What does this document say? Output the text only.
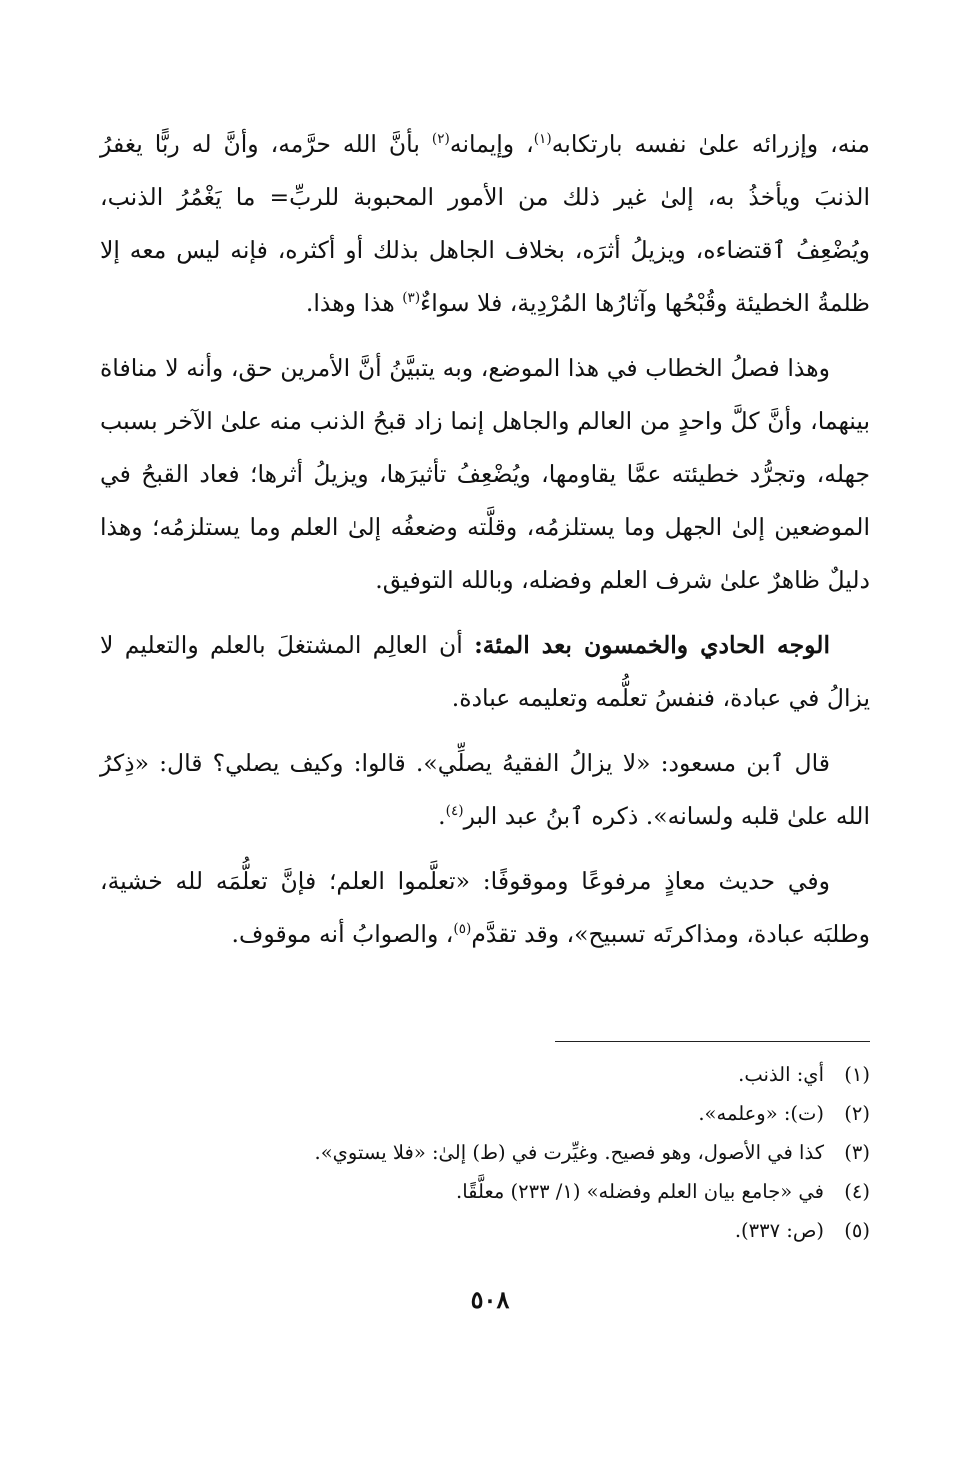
منه، وإزرائه علىٰ نفسه بارتكابه$^{(١)}$، وإيمانه$^{(٢)}$ بأنَّ الله حرَّمه، وأنَّ له ربًّا يغفرُ الذنبَ ويأخذُ به، إلىٰ غير ذلك من الأمور المحبوبة للربِّ= ما يَغْمُرُ الذنب، ويُضْعِفُ ٱقتضاءه، ويزيلُ أثرَه، بخلاف الجاهل بذلك أو أكثره، فإنه ليس معه إلا ظلمةُ الخطيئة وقُبْحُها وآثارُها المُرْدِية، فلا سواءٌ$^{(٣)}$ هذا وهذا.

وهذا فصلُ الخطاب في هذا الموضع، وبه يتبيَّنُ أنَّ الأمرين حق، وأنه لا منافاة بينهما، وأنَّ كلَّ واحدٍ من العالم والجاهل إنما زاد قبحُ الذنب منه علىٰ الآخر بسبب جهله، وتجرُّد خطيئته عمَّا يقاومها، ويُضْعِفُ تأثيرَها، ويزيلُ أثرها؛ فعاد القبحُ في الموضعين إلىٰ الجهل وما يستلزمُه، وقلَّته وضعفُه إلىٰ العلم وما يستلزمُه؛ وهذا دليلٌ ظاهرٌ علىٰ شرف العلم وفضله، وبالله التوفيق.

الوجه الحادي والخمسون بعد المئة: أن العالِم المشتغلَ بالعلم والتعليم لا يزالُ في عبادة، فنفسُ تعلُّمه وتعليمه عبادة.

قال ٱبن مسعود: «لا يزالُ الفقيهُ يصلِّي». قالوا: وكيف يصلي؟ قال: «ذِكرُ الله علىٰ قلبه ولسانه». ذكره ٱبنُ عبد البر$^{(٤)}$.

وفي حديث معاذٍ مرفوعًا وموقوفًا: «تعلَّموا العلم؛ فإنَّ تعلُّمَه لله خشية، وطلبَه عبادة، ومذاكرتَه تسبيح»، وقد تقدَّم$^{(٥)}$، والصوابُ أنه موقوف.

(١)أي: الذنب.
(٢)(ت): «وعلمه».
(٣)كذا في الأصول، وهو فصيح. وغيِّرت في (ط) إلىٰ: «فلا يستوي».
(٤)في «جامع بيان العلم وفضله» (١/ ٢٣٣) معلَّقًا.
(٥)(ص: ٣٣٧).
٥٠٨
